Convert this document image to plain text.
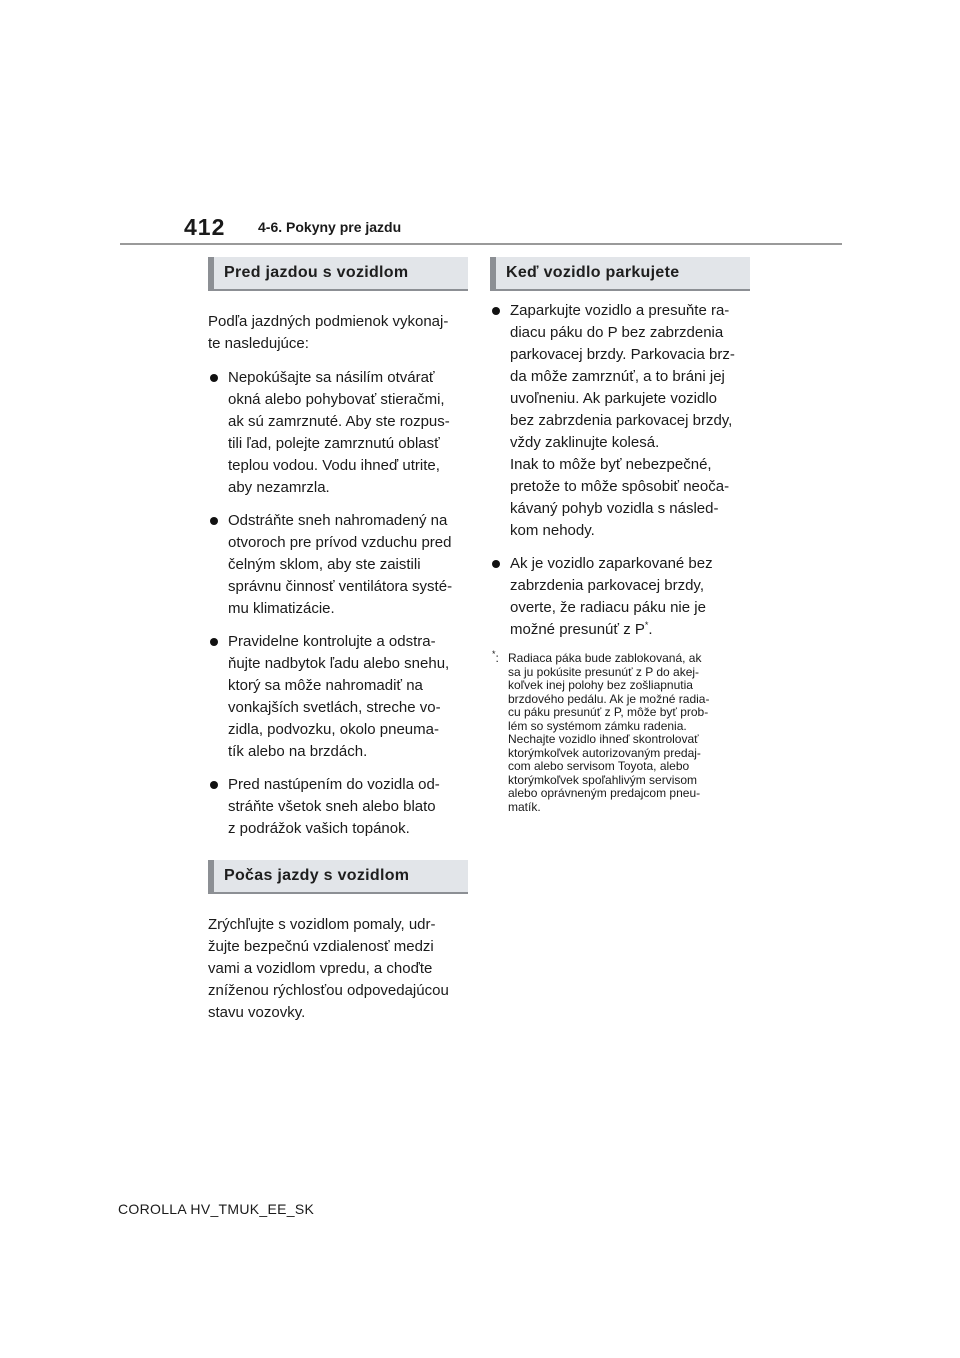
412 4-6. Pokyny pre jazdu
Pred jazdou s vozidlom

Podľa jazdných podmienok vykonaj-
te nasledujúce:

Nepokúšajte sa násilím otvárať
okná alebo pohybovať stieračmi,
ak sú zamrznuté. Aby ste rozpus-
tili ľad, polejte zamrznutú oblasť
teplou vodou. Vodu ihneď utrite,
aby nezamrzla.
Odstráňte sneh nahromadený na
otvoroch pre prívod vzduchu pred
čelným sklom, aby ste zaistili
správnu činnosť ventilátora systé-
mu klimatizácie.
Pravidelne kontrolujte a odstra-
ňujte nadbytok ľadu alebo snehu,
ktorý sa môže nahromadiť na
vonkajších svetlách, streche vo-
zidla, podvozku, okolo pneuma-
tík alebo na brzdách.
Pred nastúpením do vozidla od-
stráňte všetok sneh alebo blato
z podrážok vašich topánok.
Počas jazdy s vozidlom

Zrýchľujte s vozidlom pomaly, udr-
žujte bezpečnú vzdialenosť medzi
vami a vozidlom vpredu, a choďte
zníženou rýchlosťou odpovedajúcou
stavu vozovky.

Keď vozidlo parkujete
Zaparkujte vozidlo a presuňte ra-
diacu páku do P bez zabrzdenia
parkovacej brzdy. Parkovacia brz-
da môže zamrznúť, a to bráni jej
uvoľneniu. Ak parkujete vozidlo
bez zabrzdenia parkovacej brzdy,
vždy zaklinujte kolesá.
Inak to môže byť nebezpečné,
pretože to môže spôsobiť neoča-
kávaný pohyb vozidla s násled-
kom nehody.
Ak je vozidlo zaparkované bez
zabrzdenia parkovacej brzdy,
overte, že radiacu páku nie je
možné presunúť z P*.
*: Radiaca páka bude zablokovaná, ak
sa ju pokúsite presunúť z P do akej-
koľvek inej polohy bez zošliapnutia
brzdového pedálu. Ak je možné radia-
cu páku presunúť z P, môže byť prob-
lém so systémom zámku radenia.
Nechajte vozidlo ihneď skontrolovať
ktorýmkoľvek autorizovaným predaj-
com alebo servisom Toyota, alebo
ktorýmkoľvek spoľahlivým servisom
alebo oprávneným predajcom pneu-
matík.
COROLLA HV_TMUK_EE_SK
